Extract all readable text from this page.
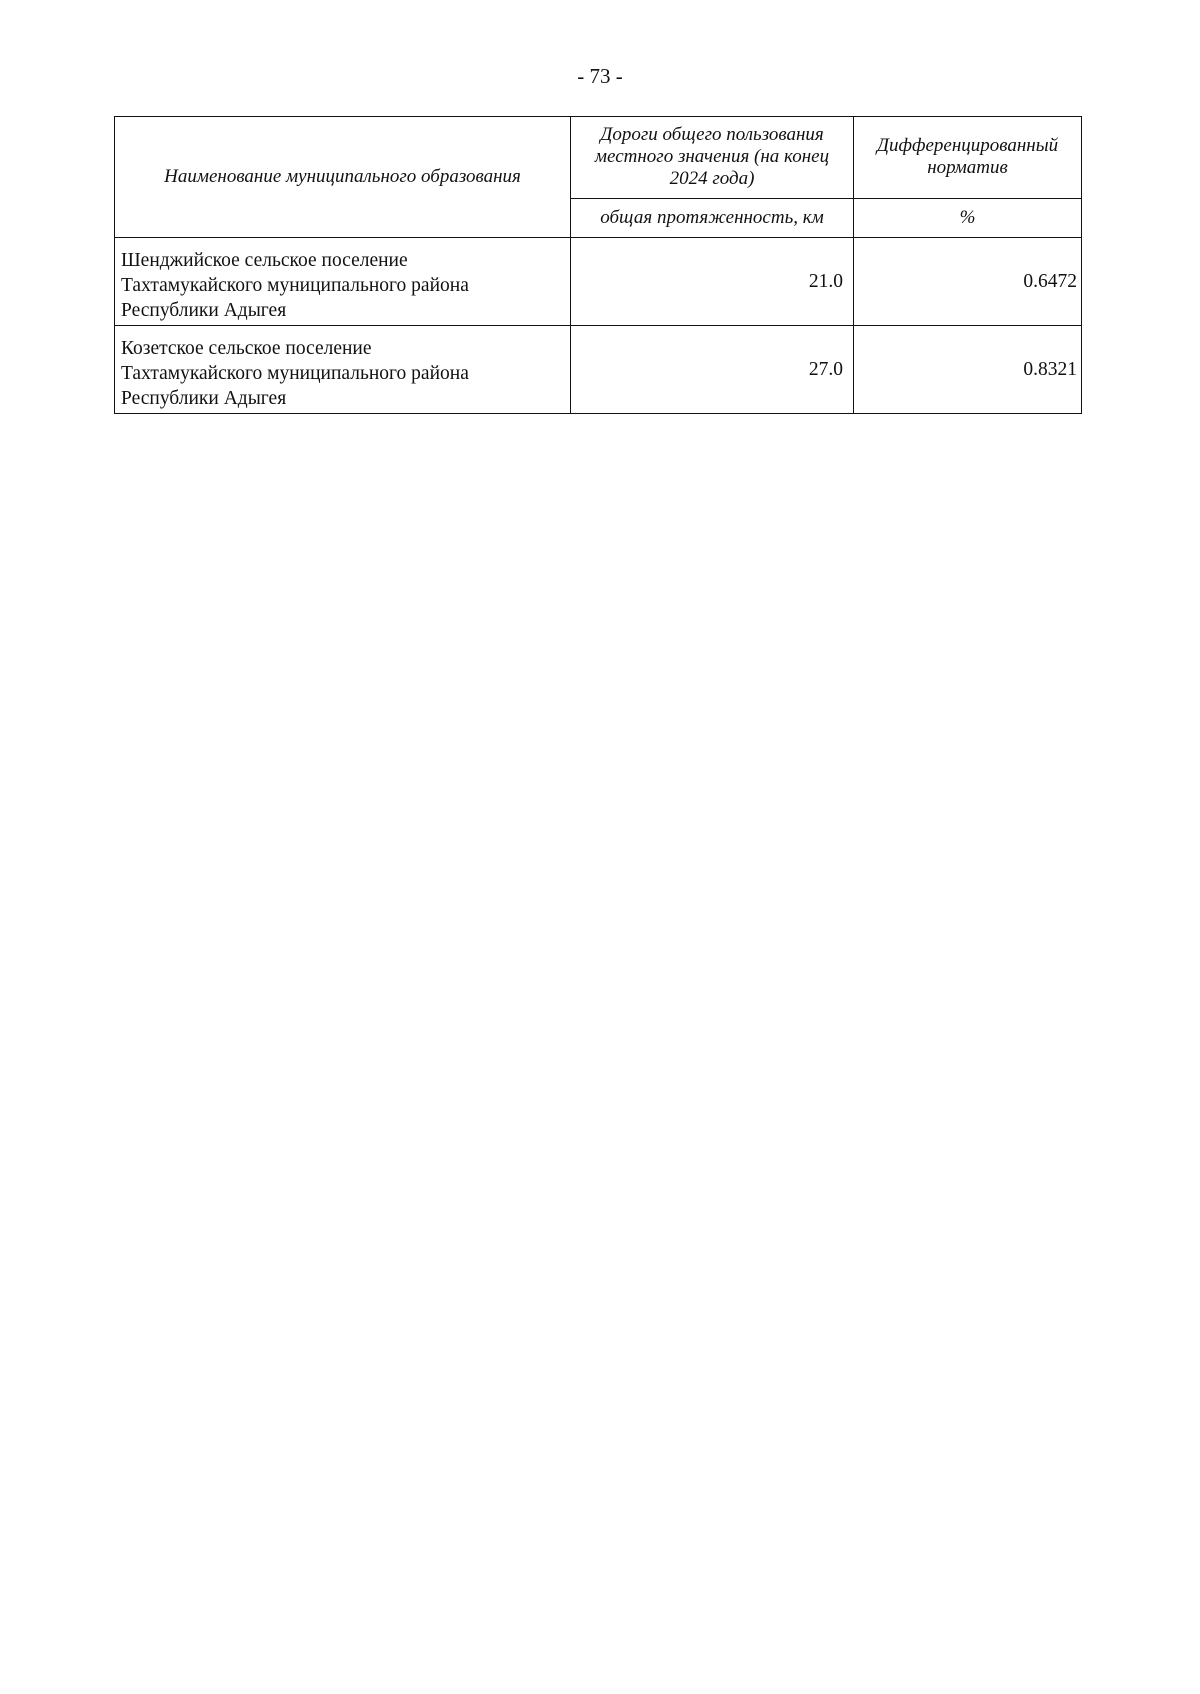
- 73 -
Наименование муниципального образования	Дороги общего пользования
местного значения (на конец
2024 года)	Дифференцированный
норматив
	общая протяженность, км	%
Шенджийское сельское поселение
Тахтамукайского муниципального района
Республики Адыгея	21.0	0.6472
Козетское сельское поселение
Тахтамукайского муниципального района
Республики Адыгея	27.0	0.8321
